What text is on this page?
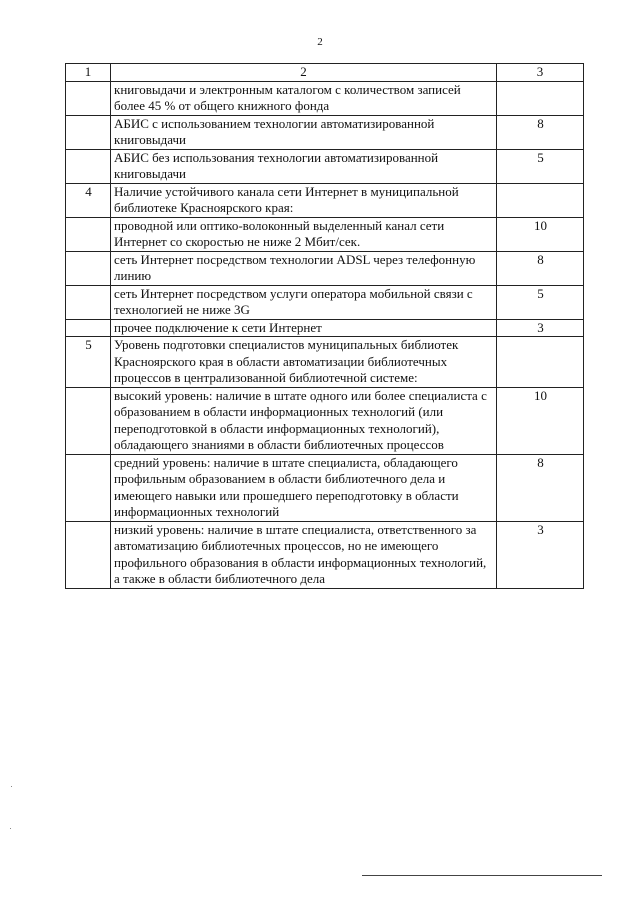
2
1	2	3
	книговыдачи и электронным каталогом с количеством записей более 45 % от общего книжного фонда	
	АБИС с использованием технологии автоматизированной книговыдачи	8
	АБИС без использования технологии автоматизированной книговыдачи	5
4	Наличие устойчивого канала сети Интернет в муниципальной библиотеке Красноярского края:	
	проводной или оптико-волоконный выделенный канал сети Интернет со скоростью не ниже 2 Мбит/сек.	10
	сеть Интернет посредством технологии ADSL через телефонную линию	8
	сеть Интернет посредством услуги оператора мобильной связи с технологией не ниже 3G	5
	прочее подключение к сети Интернет	3
5	Уровень подготовки специалистов муниципальных библиотек Красноярского края в области автоматизации библиотечных процессов в централизованной библиотечной системе:	
	высокий уровень: наличие в штате одного или более специалиста с образованием в области информационных технологий (или переподготовкой в области информационных технологий), обладающего знаниями в области библиотечных процессов	10
	средний уровень: наличие в штате специалиста, обладающего профильным образованием в области библиотечного дела и имеющего навыки или прошедшего переподготовку в области информационных технологий	8
	низкий уровень: наличие в штате специалиста, ответственного за автоматизацию библиотечных процессов, но не имеющего профильного образования в области информационных технологий, а также в области библиотечного дела	3
